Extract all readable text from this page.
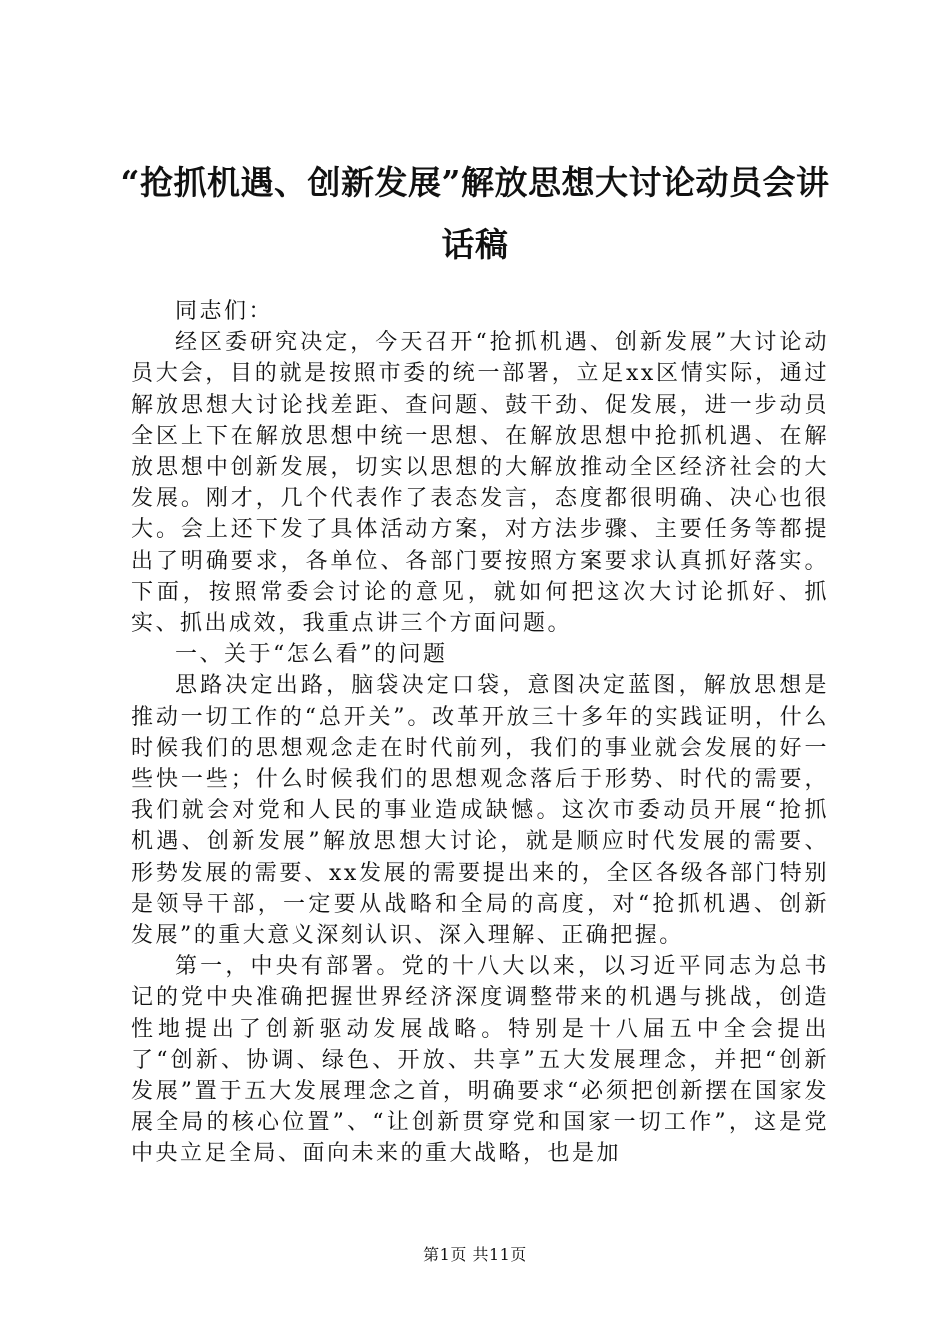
“抢抓机遇、创新发展”解放思想大讨论动员会讲话稿

同志们：

经区委研究决定，今天召开“抢抓机遇、创新发展”大讨论动员大会，目的就是按照市委的统一部署，立足xx区情实际，通过解放思想大讨论找差距、查问题、鼓干劲、促发展，进一步动员全区上下在解放思想中统一思想、在解放思想中抢抓机遇、在解放思想中创新发展，切实以思想的大解放推动全区经济社会的大发展。刚才，几个代表作了表态发言，态度都很明确、决心也很大。会上还下发了具体活动方案，对方法步骤、主要任务等都提出了明确要求，各单位、各部门要按照方案要求认真抓好落实。下面，按照常委会讨论的意见，就如何把这次大讨论抓好、抓实、抓出成效，我重点讲三个方面问题。

一、关于“怎么看”的问题

思路决定出路，脑袋决定口袋，意图决定蓝图，解放思想是推动一切工作的“总开关”。改革开放三十多年的实践证明，什么时候我们的思想观念走在时代前列，我们的事业就会发展的好一些快一些；什么时候我们的思想观念落后于形势、时代的需要，我们就会对党和人民的事业造成缺憾。这次市委动员开展“抢抓机遇、创新发展”解放思想大讨论，就是顺应时代发展的需要、形势发展的需要、xx发展的需要提出来的，全区各级各部门特别是领导干部，一定要从战略和全局的高度，对“抢抓机遇、创新发展”的重大意义深刻认识、深入理解、正确把握。

第一，中央有部署。党的十八大以来，以习近平同志为总书记的党中央准确把握世界经济深度调整带来的机遇与挑战，创造性地提出了创新驱动发展战略。特别是十八届五中全会提出了“创新、协调、绿色、开放、共享”五大发展理念，并把“创新发展”置于五大发展理念之首，明确要求“必须把创新摆在国家发展全局的核心位置”、“让创新贯穿党和国家一切工作”，这是党中央立足全局、面向未来的重大战略，也是加

第1页 共11页
